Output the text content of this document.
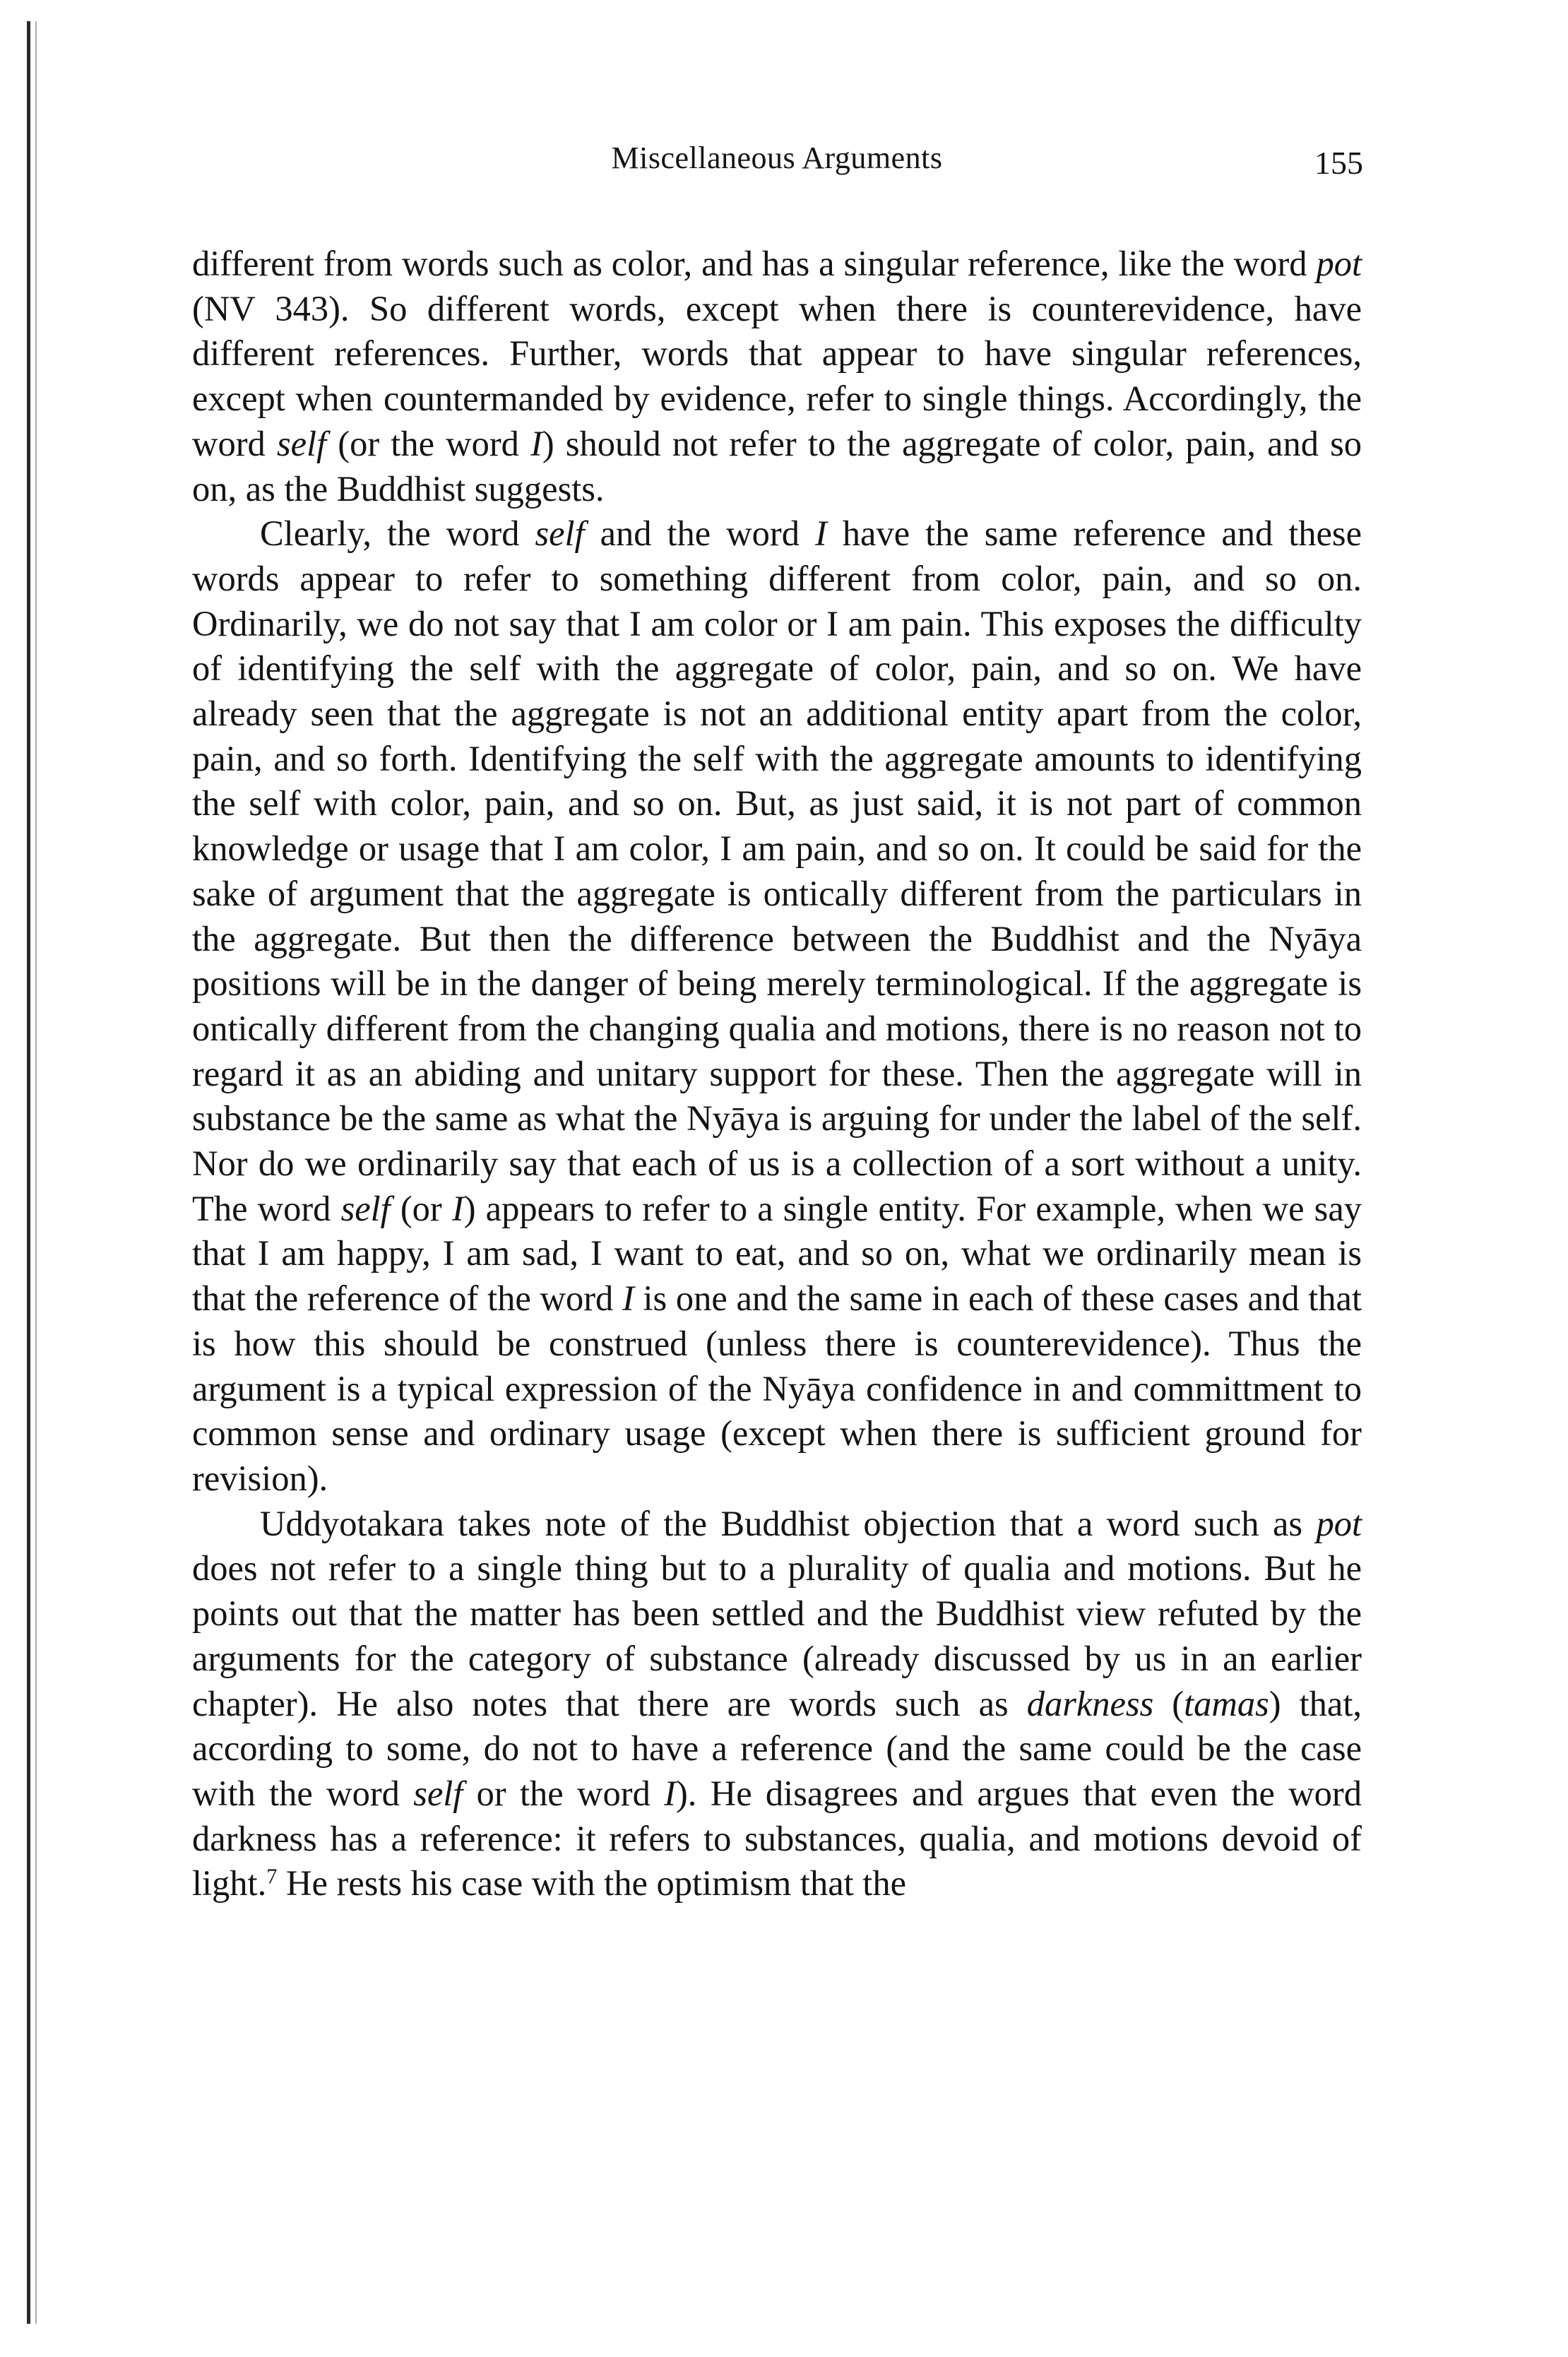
Miscellaneous Arguments	155

different from words such as color, and has a singular reference, like the word pot (NV 343). So different words, except when there is counterevidence, have different references. Further, words that appear to have singular references, except when countermanded by evidence, refer to single things. Accordingly, the word self (or the word I) should not refer to the aggregate of color, pain, and so on, as the Buddhist suggests.

Clearly, the word self and the word I have the same reference and these words appear to refer to something different from color, pain, and so on. Ordinarily, we do not say that I am color or I am pain. This exposes the difficulty of identifying the self with the aggregate of color, pain, and so on. We have already seen that the aggregate is not an additional entity apart from the color, pain, and so forth. Identifying the self with the aggregate amounts to identifying the self with color, pain, and so on. But, as just said, it is not part of common knowledge or usage that I am color, I am pain, and so on. It could be said for the sake of argument that the aggregate is ontically different from the particulars in the aggregate. But then the difference between the Buddhist and the Nyāya positions will be in the danger of being merely terminological. If the aggregate is ontically different from the changing qualia and motions, there is no reason not to regard it as an abiding and unitary support for these. Then the aggregate will in substance be the same as what the Nyāya is arguing for under the label of the self. Nor do we ordinarily say that each of us is a collection of a sort without a unity. The word self (or I) appears to refer to a single entity. For example, when we say that I am happy, I am sad, I want to eat, and so on, what we ordinarily mean is that the reference of the word I is one and the same in each of these cases and that is how this should be construed (unless there is counterevidence). Thus the argument is a typical expression of the Nyāya confidence in and committment to common sense and ordinary usage (except when there is sufficient ground for revision).

Uddyotakara takes note of the Buddhist objection that a word such as pot does not refer to a single thing but to a plurality of qualia and motions. But he points out that the matter has been settled and the Buddhist view refuted by the arguments for the category of substance (already discussed by us in an earlier chapter). He also notes that there are words such as darkness (tamas) that, according to some, do not to have a reference (and the same could be the case with the word self or the word I). He disagrees and argues that even the word darkness has a reference: it refers to substances, qualia, and motions devoid of light.$^7$ He rests his case with the optimism that the
